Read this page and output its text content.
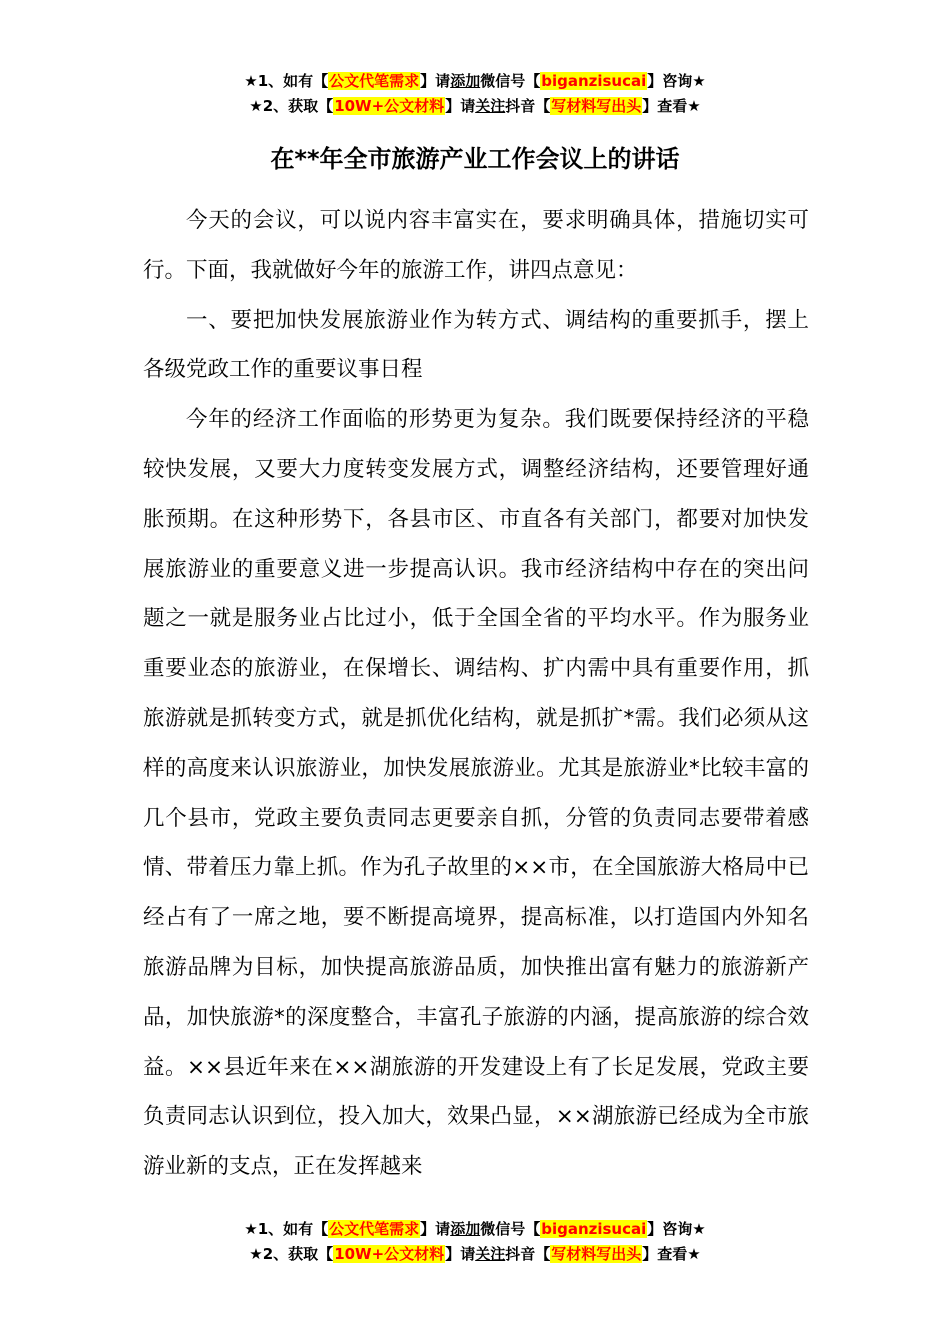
★1、如有【公文代笔需求】请添加微信号【biganzisucai】咨询★
★2、获取【10W+公文材料】请关注抖音【写材料写出头】查看★
在**年全市旅游产业工作会议上的讲话

今天的会议，可以说内容丰富实在，要求明确具体，措施切实可行。下面，我就做好今年的旅游工作，讲四点意见：

一、要把加快发展旅游业作为转方式、调结构的重要抓手，摆上各级党政工作的重要议事日程

今年的经济工作面临的形势更为复杂。我们既要保持经济的平稳较快发展，又要大力度转变发展方式，调整经济结构，还要管理好通胀预期。在这种形势下，各县市区、市直各有关部门，都要对加快发展旅游业的重要意义进一步提高认识。我市经济结构中存在的突出问题之一就是服务业占比过小，低于全国全省的平均水平。作为服务业重要业态的旅游业，在保增长、调结构、扩内需中具有重要作用，抓旅游就是抓转变方式，就是抓优化结构，就是抓扩*需。我们必须从这样的高度来认识旅游业，加快发展旅游业。尤其是旅游业*比较丰富的几个县市，党政主要负责同志更要亲自抓，分管的负责同志要带着感情、带着压力靠上抓。作为孔子故里的××市，在全国旅游大格局中已经占有了一席之地，要不断提高境界，提高标准，以打造国内外知名旅游品牌为目标，加快提高旅游品质，加快推出富有魅力的旅游新产品，加快旅游*的深度整合，丰富孔子旅游的内涵，提高旅游的综合效益。××县近年来在××湖旅游的开发建设上有了长足发展，党政主要负责同志认识到位，投入加大，效果凸显，××湖旅游已经成为全市旅游业新的支点，正在发挥越来

★1、如有【公文代笔需求】请添加微信号【biganzisucai】咨询★
★2、获取【10W+公文材料】请关注抖音【写材料写出头】查看★
